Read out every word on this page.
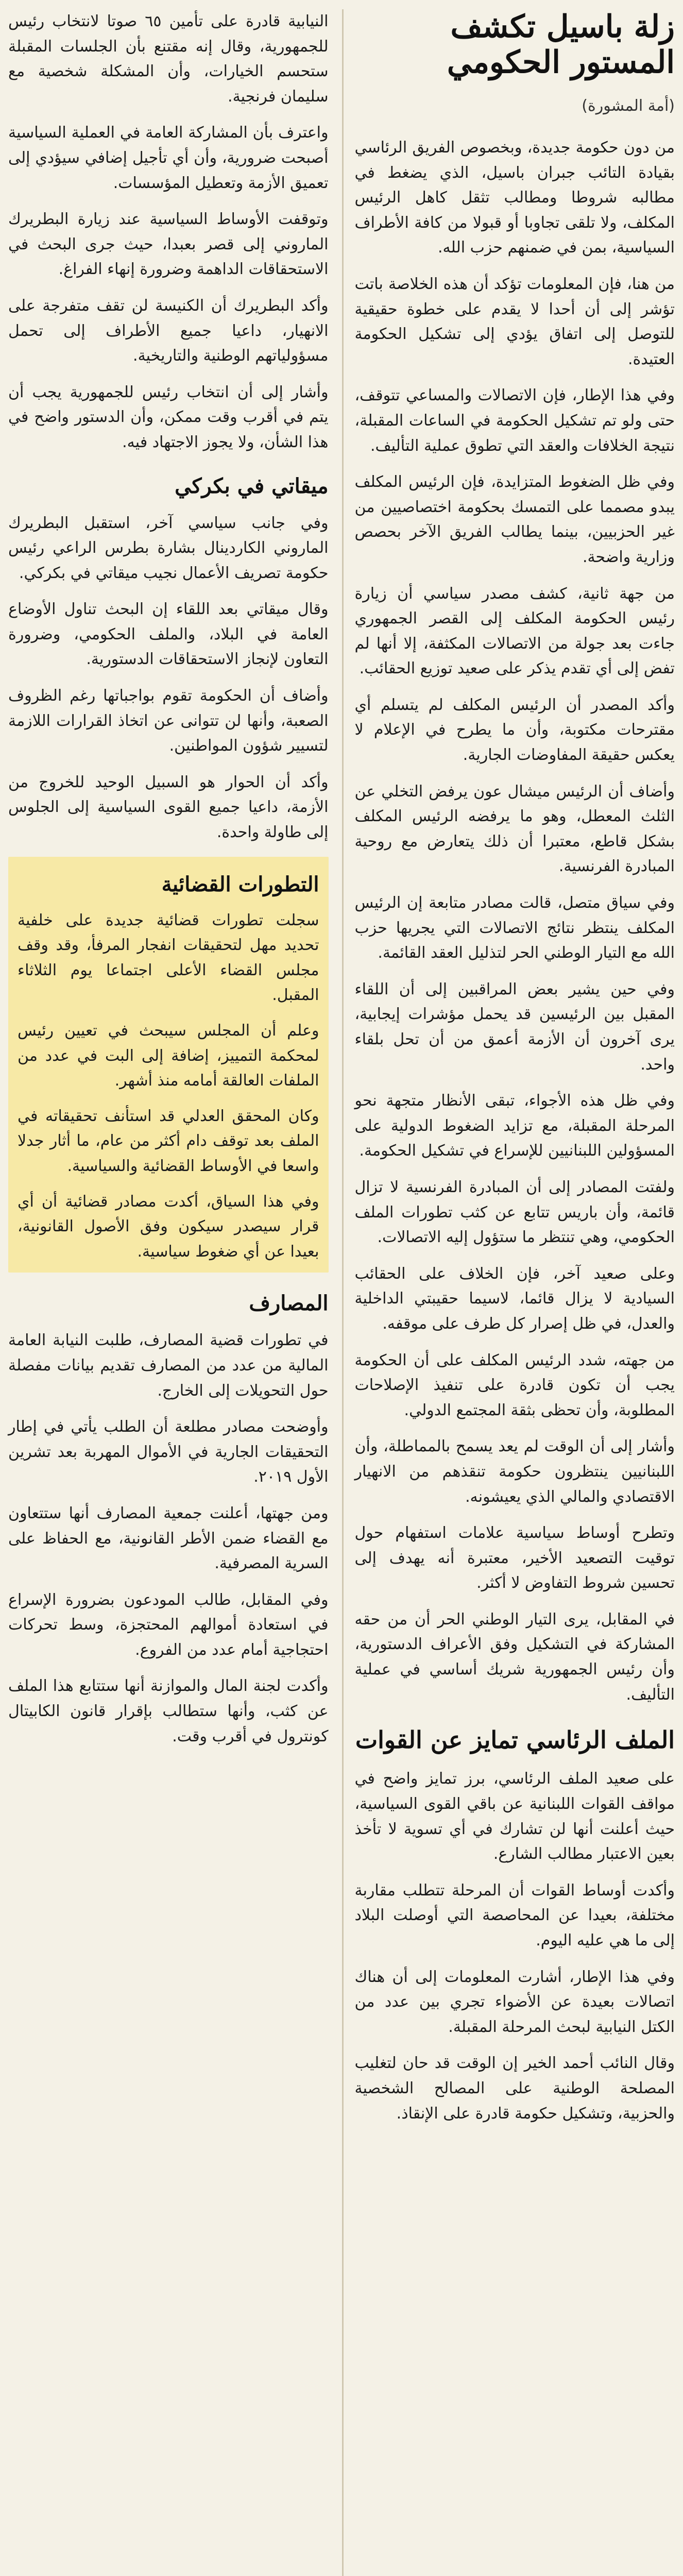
زلة باسيل تكشف المستور الحكومي
(أمة المشورة)

من دون حكومة جديدة، وبخصوص الفريق الرئاسي بقيادة التائب جبران باسيل، الذي يضغط في مطالبه شروطا ومطالب تثقل كاهل الرئيس المكلف، ولا تلقى تجاوبا أو قبولا من كافة الأطراف السياسية، بمن في ضمنهم حزب الله.

من هنا، فإن المعلومات تؤكد أن هذه الخلاصة باتت تؤشر إلى أن أحدا لا يقدم على خطوة حقيقية للتوصل إلى اتفاق يؤدي إلى تشكيل الحكومة العتيدة.

وفي هذا الإطار، فإن الاتصالات والمساعي تتوقف، حتى ولو تم تشكيل الحكومة في الساعات المقبلة، نتيجة الخلافات والعقد التي تطوق عملية التأليف.

وفي ظل الضغوط المتزايدة، فإن الرئيس المكلف يبدو مصمما على التمسك بحكومة اختصاصيين من غير الحزبيين، بينما يطالب الفريق الآخر بحصص وزارية واضحة.

من جهة ثانية، كشف مصدر سياسي أن زيارة رئيس الحكومة المكلف إلى القصر الجمهوري جاءت بعد جولة من الاتصالات المكثفة، إلا أنها لم تفض إلى أي تقدم يذكر على صعيد توزيع الحقائب.

وأكد المصدر أن الرئيس المكلف لم يتسلم أي مقترحات مكتوبة، وأن ما يطرح في الإعلام لا يعكس حقيقة المفاوضات الجارية.

وأضاف أن الرئيس ميشال عون يرفض التخلي عن الثلث المعطل، وهو ما يرفضه الرئيس المكلف بشكل قاطع، معتبرا أن ذلك يتعارض مع روحية المبادرة الفرنسية.

وفي سياق متصل، قالت مصادر متابعة إن الرئيس المكلف ينتظر نتائج الاتصالات التي يجريها حزب الله مع التيار الوطني الحر لتذليل العقد القائمة.

وفي حين يشير بعض المراقبين إلى أن اللقاء المقبل بين الرئيسين قد يحمل مؤشرات إيجابية، يرى آخرون أن الأزمة أعمق من أن تحل بلقاء واحد.

وفي ظل هذه الأجواء، تبقى الأنظار متجهة نحو المرحلة المقبلة، مع تزايد الضغوط الدولية على المسؤولين اللبنانيين للإسراع في تشكيل الحكومة.

ولفتت المصادر إلى أن المبادرة الفرنسية لا تزال قائمة، وأن باريس تتابع عن كثب تطورات الملف الحكومي، وهي تنتظر ما ستؤول إليه الاتصالات.

وعلى صعيد آخر، فإن الخلاف على الحقائب السيادية لا يزال قائما، لاسيما حقيبتي الداخلية والعدل، في ظل إصرار كل طرف على موقفه.

من جهته، شدد الرئيس المكلف على أن الحكومة يجب أن تكون قادرة على تنفيذ الإصلاحات المطلوبة، وأن تحظى بثقة المجتمع الدولي.

وأشار إلى أن الوقت لم يعد يسمح بالمماطلة، وأن اللبنانيين ينتظرون حكومة تنقذهم من الانهيار الاقتصادي والمالي الذي يعيشونه.

وتطرح أوساط سياسية علامات استفهام حول توقيت التصعيد الأخير، معتبرة أنه يهدف إلى تحسين شروط التفاوض لا أكثر.

في المقابل، يرى التيار الوطني الحر أن من حقه المشاركة في التشكيل وفق الأعراف الدستورية، وأن رئيس الجمهورية شريك أساسي في عملية التأليف.

الملف الرئاسي تمايز عن القوات

على صعيد الملف الرئاسي، برز تمايز واضح في مواقف القوات اللبنانية عن باقي القوى السياسية، حيث أعلنت أنها لن تشارك في أي تسوية لا تأخذ بعين الاعتبار مطالب الشارع.

وأكدت أوساط القوات أن المرحلة تتطلب مقاربة مختلفة، بعيدا عن المحاصصة التي أوصلت البلاد إلى ما هي عليه اليوم.

وفي هذا الإطار، أشارت المعلومات إلى أن هناك اتصالات بعيدة عن الأضواء تجري بين عدد من الكتل النيابية لبحث المرحلة المقبلة.

وقال النائب أحمد الخير إن الوقت قد حان لتغليب المصلحة الوطنية على المصالح الشخصية والحزبية، وتشكيل حكومة قادرة على الإنقاذ.

النيابية قادرة على تأمين ٦٥ صوتا لانتخاب رئيس للجمهورية، وقال إنه مقتنع بأن الجلسات المقبلة ستحسم الخيارات، وأن المشكلة شخصية مع سليمان فرنجية.

واعترف بأن المشاركة العامة في العملية السياسية أصبحت ضرورية، وأن أي تأجيل إضافي سيؤدي إلى تعميق الأزمة وتعطيل المؤسسات.

وتوقفت الأوساط السياسية عند زيارة البطريرك الماروني إلى قصر بعبدا، حيث جرى البحث في الاستحقاقات الداهمة وضرورة إنهاء الفراغ.

وأكد البطريرك أن الكنيسة لن تقف متفرجة على الانهيار، داعيا جميع الأطراف إلى تحمل مسؤولياتهم الوطنية والتاريخية.

وأشار إلى أن انتخاب رئيس للجمهورية يجب أن يتم في أقرب وقت ممكن، وأن الدستور واضح في هذا الشأن، ولا يجوز الاجتهاد فيه.

ميقاتي في بكركي

وفي جانب سياسي آخر، استقبل البطريرك الماروني الكاردينال بشارة بطرس الراعي رئيس حكومة تصريف الأعمال نجيب ميقاتي في بكركي.

وقال ميقاتي بعد اللقاء إن البحث تناول الأوضاع العامة في البلاد، والملف الحكومي، وضرورة التعاون لإنجاز الاستحقاقات الدستورية.

وأضاف أن الحكومة تقوم بواجباتها رغم الظروف الصعبة، وأنها لن تتوانى عن اتخاذ القرارات اللازمة لتسيير شؤون المواطنين.

وأكد أن الحوار هو السبيل الوحيد للخروج من الأزمة، داعيا جميع القوى السياسية إلى الجلوس إلى طاولة واحدة.

التطورات القضائية

سجلت تطورات قضائية جديدة على خلفية تحديد مهل لتحقيقات انفجار المرفأ، وقد وقف مجلس القضاء الأعلى اجتماعا يوم الثلاثاء المقبل.

وعلم أن المجلس سيبحث في تعيين رئيس لمحكمة التمييز، إضافة إلى البت في عدد من الملفات العالقة أمامه منذ أشهر.

وكان المحقق العدلي قد استأنف تحقيقاته في الملف بعد توقف دام أكثر من عام، ما أثار جدلا واسعا في الأوساط القضائية والسياسية.

وفي هذا السياق، أكدت مصادر قضائية أن أي قرار سيصدر سيكون وفق الأصول القانونية، بعيدا عن أي ضغوط سياسية.

المصارف

في تطورات قضية المصارف، طلبت النيابة العامة المالية من عدد من المصارف تقديم بيانات مفصلة حول التحويلات إلى الخارج.

وأوضحت مصادر مطلعة أن الطلب يأتي في إطار التحقيقات الجارية في الأموال المهربة بعد تشرين الأول ٢٠١٩.

ومن جهتها، أعلنت جمعية المصارف أنها ستتعاون مع القضاء ضمن الأطر القانونية، مع الحفاظ على السرية المصرفية.

وفي المقابل، طالب المودعون بضرورة الإسراع في استعادة أموالهم المحتجزة، وسط تحركات احتجاجية أمام عدد من الفروع.

وأكدت لجنة المال والموازنة أنها ستتابع هذا الملف عن كثب، وأنها ستطالب بإقرار قانون الكابيتال كونترول في أقرب وقت.
